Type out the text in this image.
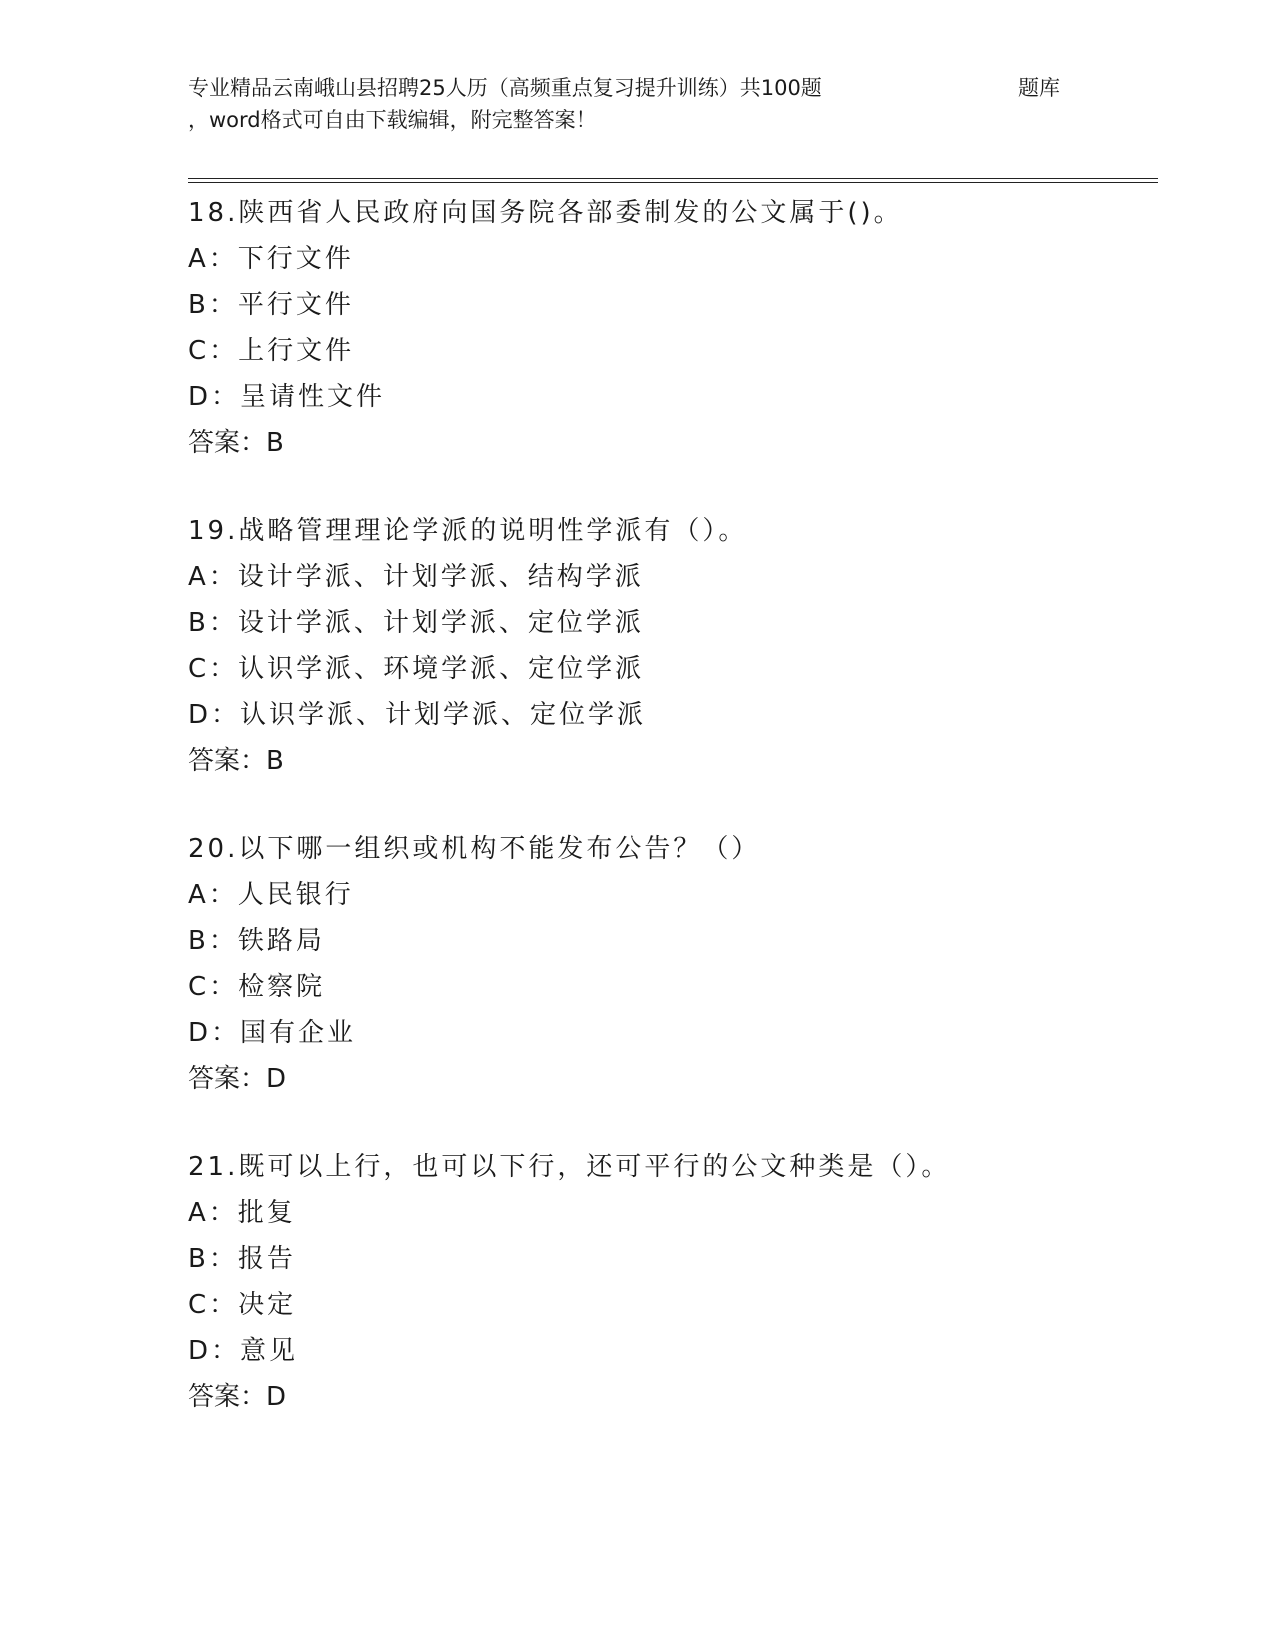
专业精品云南峨山县招聘25人历（高频重点复习提升训练）共100题	题库
，word格式可自由下载编辑，附完整答案！
18.陕西省人民政府向国务院各部委制发的公文属于()。
A：下行文件
B：平行文件
C：上行文件
D：呈请性文件
答案：B
19.战略管理理论学派的说明性学派有（）。
A：设计学派、计划学派、结构学派
B：设计学派、计划学派、定位学派
C：认识学派、环境学派、定位学派
D：认识学派、计划学派、定位学派
答案：B
20.以下哪一组织或机构不能发布公告？（）
A：人民银行
B：铁路局
C：检察院
D：国有企业
答案：D
21.既可以上行，也可以下行，还可平行的公文种类是（）。
A：批复
B：报告
C：决定
D：意见
答案：D
